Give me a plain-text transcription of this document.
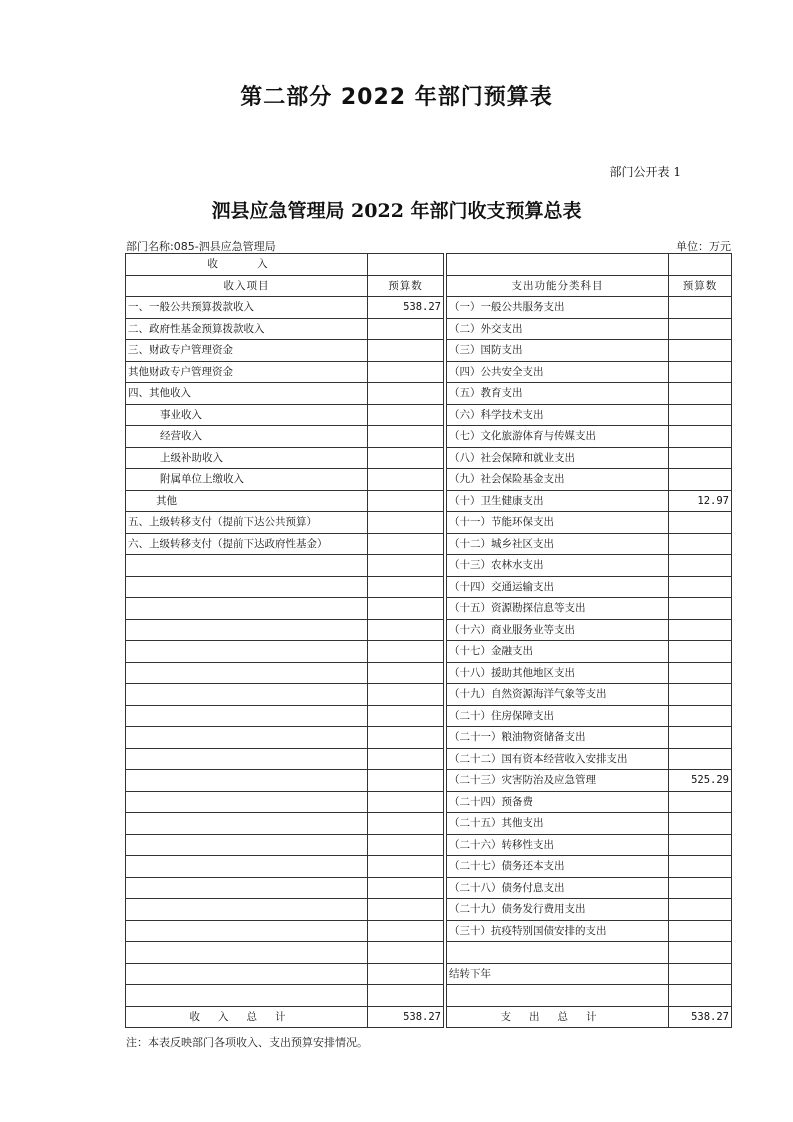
第二部分 2022 年部门预算表
部门公开表 1
泗县应急管理局 2022 年部门收支预算总表
部门名称:085-泗县应急管理局	单位：万元
收 入				
收入项目	预算数		支出功能分类科目	预算数
一、一般公共预算拨款收入	538.27		（一）一般公共服务支出	
二、政府性基金预算拨款收入			（二）外交支出	
三、财政专户管理资金			（三）国防支出	
其他财政专户管理资金			（四）公共安全支出	
四、其他收入			（五）教育支出	
事业收入			（六）科学技术支出	
经营收入			（七）文化旅游体育与传媒支出	
上级补助收入			（八）社会保障和就业支出	
附属单位上缴收入			（九）社会保险基金支出	
其他			（十）卫生健康支出	12.97
五、上级转移支付（提前下达公共预算）			（十一）节能环保支出	
六、上级转移支付（提前下达政府性基金）			（十二）城乡社区支出	
			（十三）农林水支出	
			（十四）交通运输支出	
			（十五）资源勘探信息等支出	
			（十六）商业服务业等支出	
			（十七）金融支出	
			（十八）援助其他地区支出	
			（十九）自然资源海洋气象等支出	
			（二十）住房保障支出	
			（二十一）粮油物资储备支出	
			（二十二）国有资本经营收入安排支出	
			（二十三）灾害防治及应急管理	525.29
			（二十四）预备费	
			（二十五）其他支出	
			（二十六）转移性支出	
			（二十七）债务还本支出	
			（二十八）债务付息支出	
			（二十九）债务发行费用支出	
			（三十）抗疫特别国债安排的支出	

			结转下年	

收入总计	538.27		支出总计	538.27
注：本表反映部门各项收入、支出预算安排情况。
